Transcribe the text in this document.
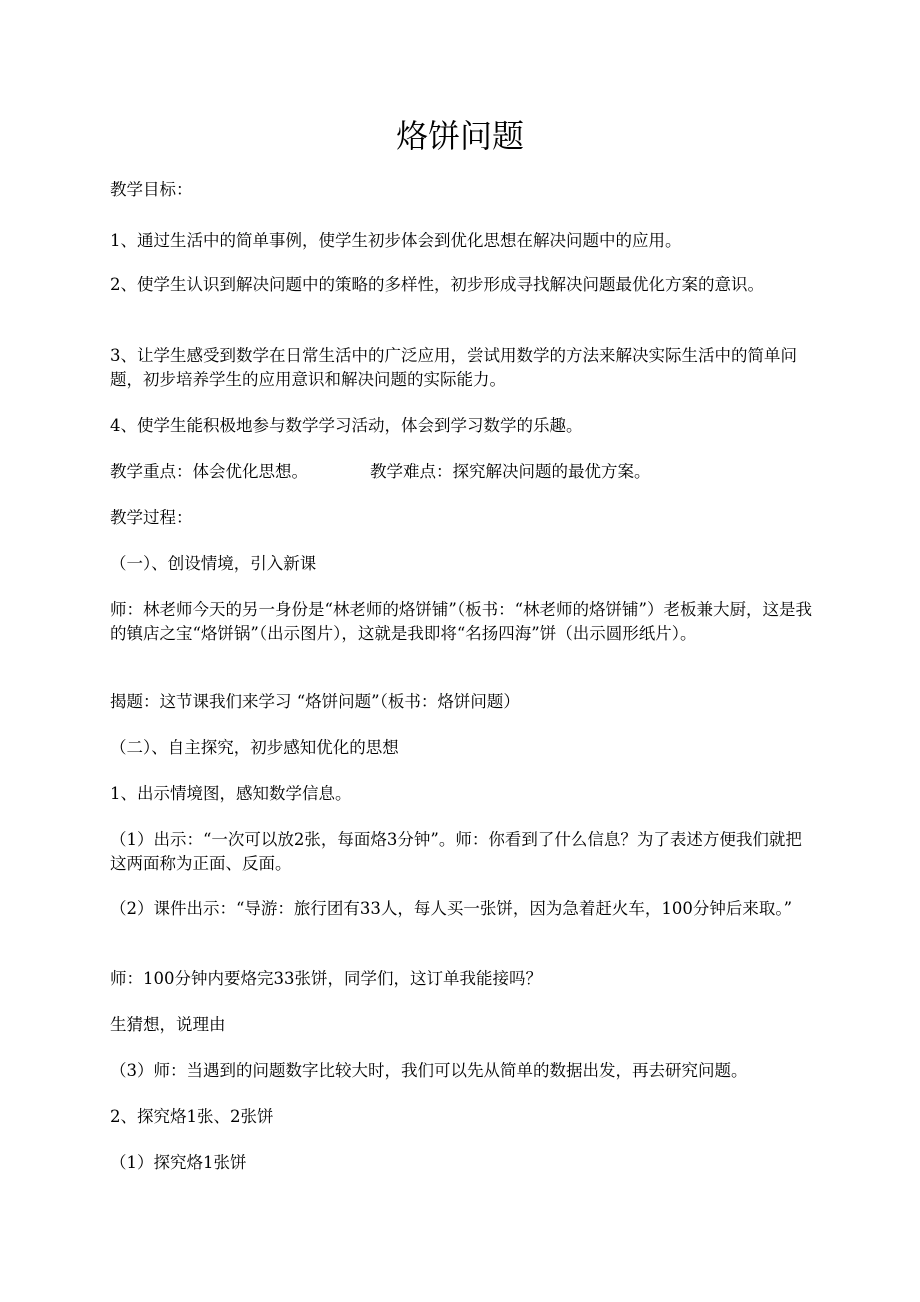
烙饼问题

教学目标：

1、通过生活中的简单事例，使学生初步体会到优化思想在解决问题中的应用。

2、使学生认识到解决问题中的策略的多样性，初步形成寻找解决问题最优化方案的意识。

3、让学生感受到数学在日常生活中的广泛应用，尝试用数学的方法来解决实际生活中的简单问题，初步培养学生的应用意识和解决问题的实际能力。

4、使学生能积极地参与数学学习活动，体会到学习数学的乐趣。

教学重点：体会优化思想。	教学难点：探究解决问题的最优方案。

教学过程：

（一）、创设情境，引入新课

师：林老师今天的另一身份是“林老师的烙饼铺”（板书：“林老师的烙饼铺”）老板兼大厨，这是我的镇店之宝“烙饼锅”（出示图片），这就是我即将“名扬四海”饼（出示圆形纸片）。

揭题：这节课我们来学习 “烙饼问题”（板书：烙饼问题）

（二）、自主探究，初步感知优化的思想

1、出示情境图，感知数学信息。

（1）出示：“一次可以放2张，每面烙3分钟”。师：你看到了什么信息？为了表述方便我们就把这两面称为正面、反面。

（2）课件出示：“导游：旅行团有33人，每人买一张饼，因为急着赶火车，100分钟后来取。”

师：100分钟内要烙完33张饼，同学们，这订单我能接吗？

生猜想，说理由

（3）师：当遇到的问题数字比较大时，我们可以先从简单的数据出发，再去研究问题。

2、探究烙1张、2张饼

（1）探究烙1张饼
